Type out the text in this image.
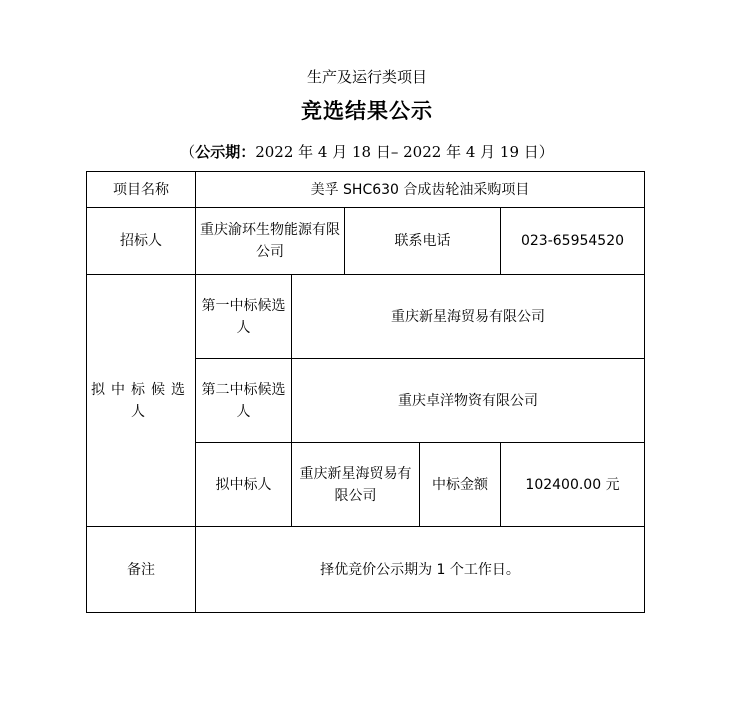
生产及运行类项目
竞选结果公示
（公示期：2022 年 4 月 18 日– 2022 年 4 月 19 日）
项目名称	美孚 SHC630 合成齿轮油采购项目				
招标人	重庆渝环生物能源有限公司		联系电话		023-65954520
拟中标候选人	第一中标候选人	重庆新星海贸易有限公司			
	第二中标候选人	重庆卓洋物资有限公司			
	拟中标人	重庆新星海贸易有限公司		中标金额	102400.00 元
备注	择优竞价公示期为 1 个工作日。				
